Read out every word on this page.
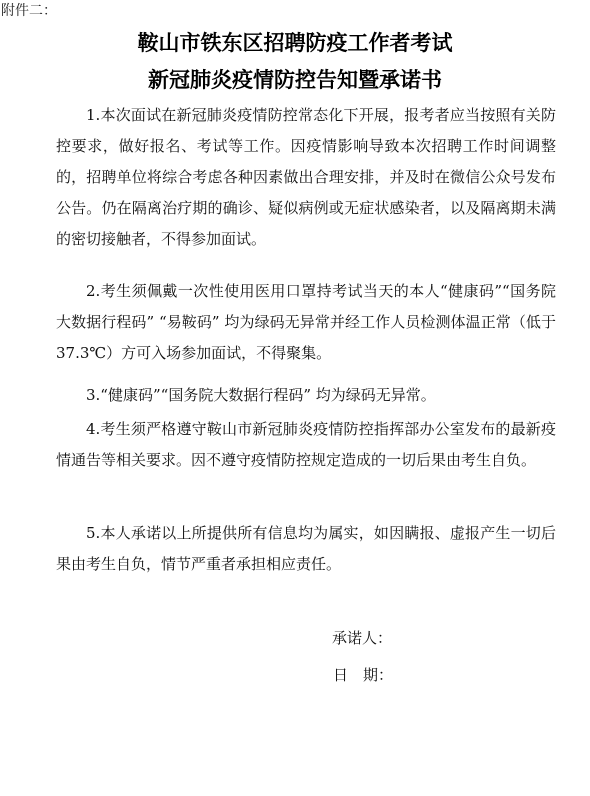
附件二：
鞍山市铁东区招聘防疫工作者考试
新冠肺炎疫情防控告知暨承诺书

1.本次面试在新冠肺炎疫情防控常态化下开展，报考者应当按照有关防控要求，做好报名、考试等工作。因疫情影响导致本次招聘工作时间调整的，招聘单位将综合考虑各种因素做出合理安排，并及时在微信公众号发布公告。仍在隔离治疗期的确诊、疑似病例或无症状感染者，以及隔离期未满的密切接触者，不得参加面试。

2.考生须佩戴一次性使用医用口罩持考试当天的本人“健康码”“国务院大数据行程码” “易鞍码” 均为绿码无异常并经工作人员检测体温正常（低于 37.3℃）方可入场参加面试，不得聚集。

3.“健康码”“国务院大数据行程码” 均为绿码无异常。

4.考生须严格遵守鞍山市新冠肺炎疫情防控指挥部办公室发布的最新疫情通告等相关要求。因不遵守疫情防控规定造成的一切后果由考生自负。

5.本人承诺以上所提供所有信息均为属实，如因瞒报、虚报产生一切后果由考生自负，情节严重者承担相应责任。

承诺人：
日　期：
